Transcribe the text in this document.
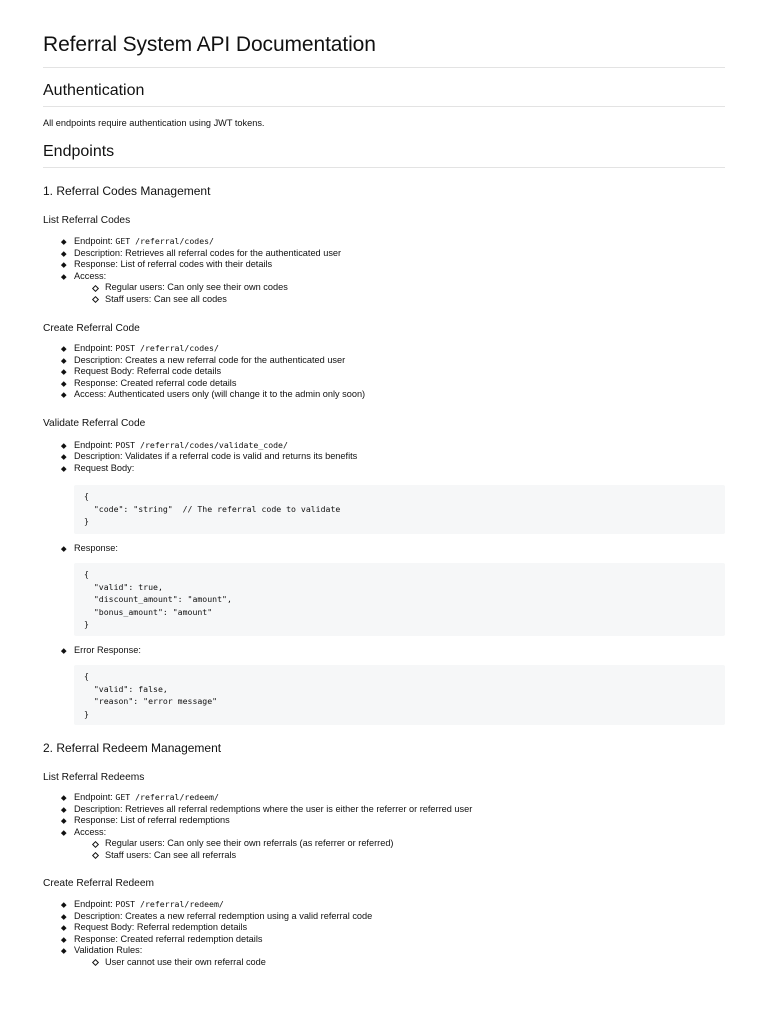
Referral System API Documentation
Authentication

All endpoints require authentication using JWT tokens.

Endpoints
1. Referral Codes Management
List Referral Codes
Endpoint: GET /referral/codes/
Description: Retrieves all referral codes for the authenticated user
Response: List of referral codes with their details
Access:
Regular users: Can only see their own codes
Staff users: Can see all codes
Create Referral Code
Endpoint: POST /referral/codes/
Description: Creates a new referral code for the authenticated user
Request Body: Referral code details
Response: Created referral code details
Access: Authenticated users only (will change it to the admin only soon)
Validate Referral Code
Endpoint: POST /referral/codes/validate_code/
Description: Validates if a referral code is valid and returns its benefits
Request Body:
{
"code": "string"  // The referral code to validate
}
Response:
{
"valid": true,
"discount_amount": "amount",
"bonus_amount": "amount"
}
Error Response:
{
"valid": false,
"reason": "error message"
}
2. Referral Redeem Management
List Referral Redeems
Endpoint: GET /referral/redeem/
Description: Retrieves all referral redemptions where the user is either the referrer or referred user
Response: List of referral redemptions
Access:
Regular users: Can only see their own referrals (as referrer or referred)
Staff users: Can see all referrals
Create Referral Redeem
Endpoint: POST /referral/redeem/
Description: Creates a new referral redemption using a valid referral code
Request Body: Referral redemption details
Response: Created referral redemption details
Validation Rules:
User cannot use their own referral code
